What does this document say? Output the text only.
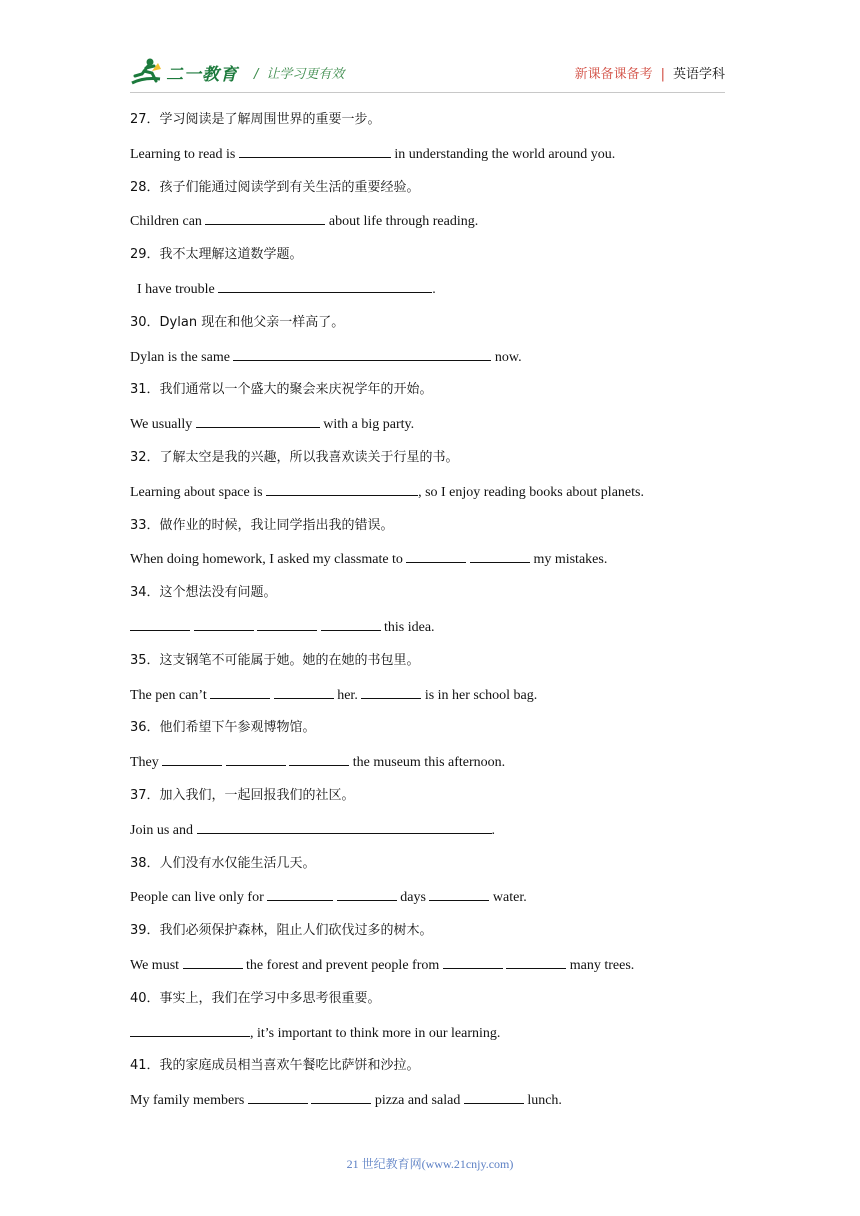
二一教育 / 让学习更有效	新课备课备考 | 英语学科
27．学习阅读是了解周围世界的重要一步。
Learning to read is	in understanding the world around you.
28．孩子们能通过阅读学到有关生活的重要经验。
Children can	about life through reading.
29．我不太理解这道数学题。
I have trouble	.
30．Dylan 现在和他父亲一样高了。
Dylan is the same	now.
31．我们通常以一个盛大的聚会来庆祝学年的开始。
We usually	with a big party.
32．了解太空是我的兴趣，所以我喜欢读关于行星的书。
Learning about space is	, so I enjoy reading books about planets.
33．做作业的时候，我让同学指出我的错误。
When doing homework, I asked my classmate to	my mistakes.
34．这个想法没有问题。
this idea.
35．这支钢笔不可能属于她。她的在她的书包里。
The pen can’t	her.	is in her school bag.
36．他们希望下午参观博物馆。
They	the museum this afternoon.
37．加入我们，一起回报我们的社区。
Join us and	.
38．人们没有水仅能生活几天。
People can live only for	days	water.
39．我们必须保护森林，阻止人们砍伐过多的树木。
We must	the forest and prevent people from	many trees.
40．事实上，我们在学习中多思考很重要。
, it’s important to think more in our learning.
41．我的家庭成员相当喜欢午餐吃比萨饼和沙拉。
My family members	pizza and salad	lunch.
21 世纪教育网(www.21cnjy.com)
